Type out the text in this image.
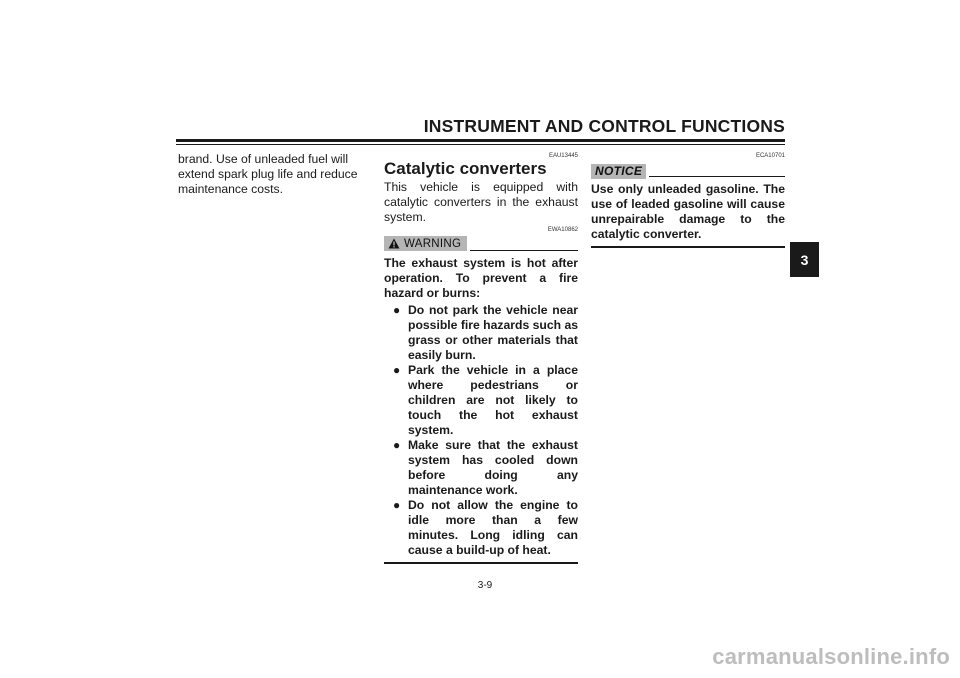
INSTRUMENT AND CONTROL FUNCTIONS
3
brand. Use of unleaded fuel will extend spark plug life and reduce maintenance costs.
EAU13445
Catalytic converters
This vehicle is equipped with catalytic converters in the exhaust system.
EWA10862
WARNING
The exhaust system is hot after operation. To prevent a fire hazard or burns:
● Do not park the vehicle near possible fire hazards such as grass or other materials that easily burn.
● Park the vehicle in a place where pedestrians or children are not likely to touch the hot exhaust system.
● Make sure that the exhaust system has cooled down before doing any maintenance work.
● Do not allow the engine to idle more than a few minutes. Long idling can cause a build-up of heat.
ECA10701
NOTICE
Use only unleaded gasoline. The use of leaded gasoline will cause unrepairable damage to the catalytic converter.
3-9
carmanualsonline.info
